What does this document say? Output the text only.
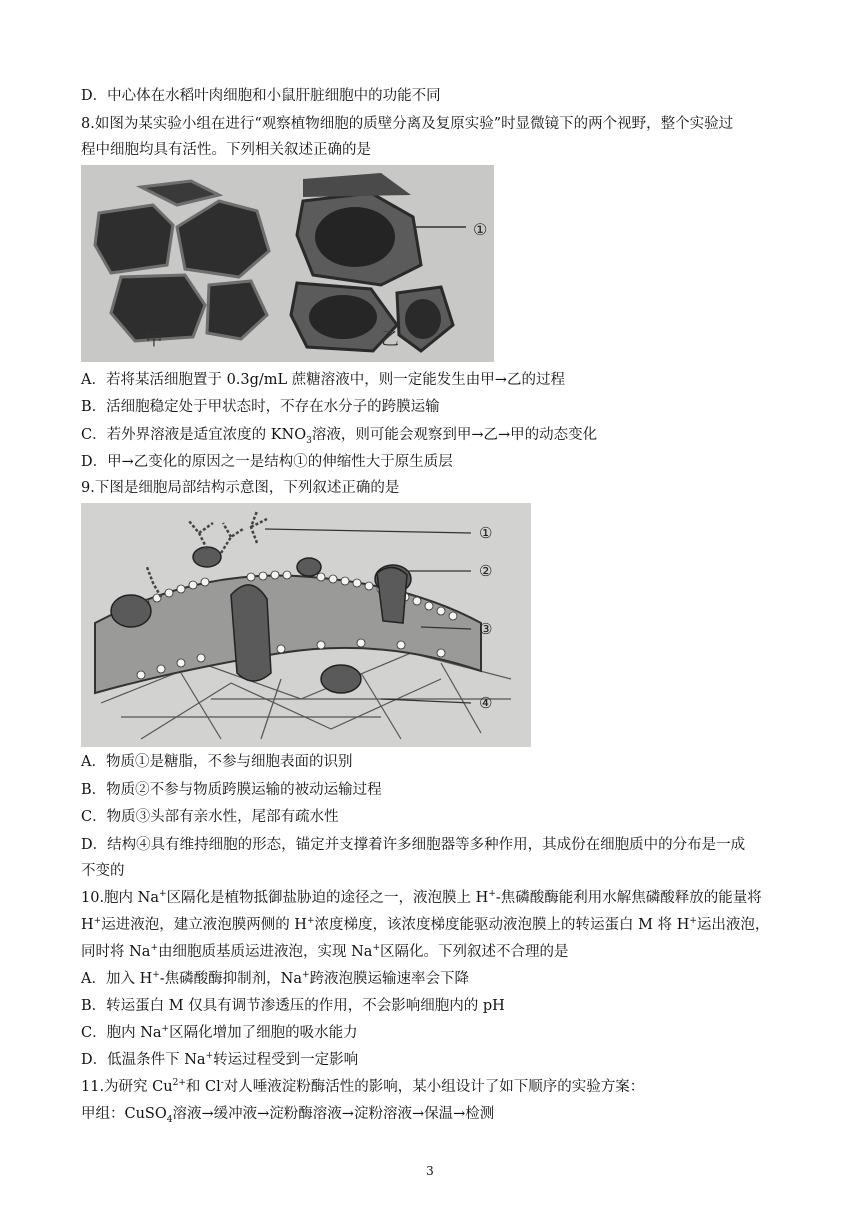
D．中心体在水稻叶肉细胞和小鼠肝脏细胞中的功能不同
8.如图为某实验小组在进行“观察植物细胞的质壁分离及复原实验”时显微镜下的两个视野，整个实验过
程中细胞均具有活性。下列相关叙述正确的是
①
甲	乙
A．若将某活细胞置于 0.3g/mL 蔗糖溶液中，则一定能发生由甲→乙的过程
B．活细胞稳定处于甲状态时，不存在水分子的跨膜运输
C．若外界溶液是适宜浓度的 $KNO_3$溶液，则可能会观察到甲→乙→甲的动态变化
D．甲→乙变化的原因之一是结构①的伸缩性大于原生质层
9.下图是细胞局部结构示意图，下列叙述正确的是
①
②
③
④
A．物质①是糖脂，不参与细胞表面的识别
B．物质②不参与物质跨膜运输的被动运输过程
C．物质③头部有亲水性，尾部有疏水性
D．结构④具有维持细胞的形态，锚定并支撑着许多细胞器等多种作用，其成份在细胞质中的分布是一成
不变的
10.胞内 Na+区隔化是植物抵御盐胁迫的途径之一，液泡膜上 H+-焦磷酸酶能利用水解焦磷酸释放的能量将
H+运进液泡，建立液泡膜两侧的 H+浓度梯度，该浓度梯度能驱动液泡膜上的转运蛋白 M 将 H+运出液泡，
同时将 Na+由细胞质基质运进液泡，实现 Na+区隔化。下列叙述不合理的是
A．加入 H+-焦磷酸酶抑制剂，Na+跨液泡膜运输速率会下降
B．转运蛋白 M 仅具有调节渗透压的作用，不会影响细胞内的 pH
C．胞内 Na+区隔化增加了细胞的吸水能力
D．低温条件下 Na+转运过程受到一定影响
11.为研究 $Cu^{2+}$和 Cl-对人唾液淀粉酶活性的影响，某小组设计了如下顺序的实验方案：
甲组：CuSO$_4$溶液→缓冲液→淀粉酶溶液→淀粉溶液→保温→检测
3
